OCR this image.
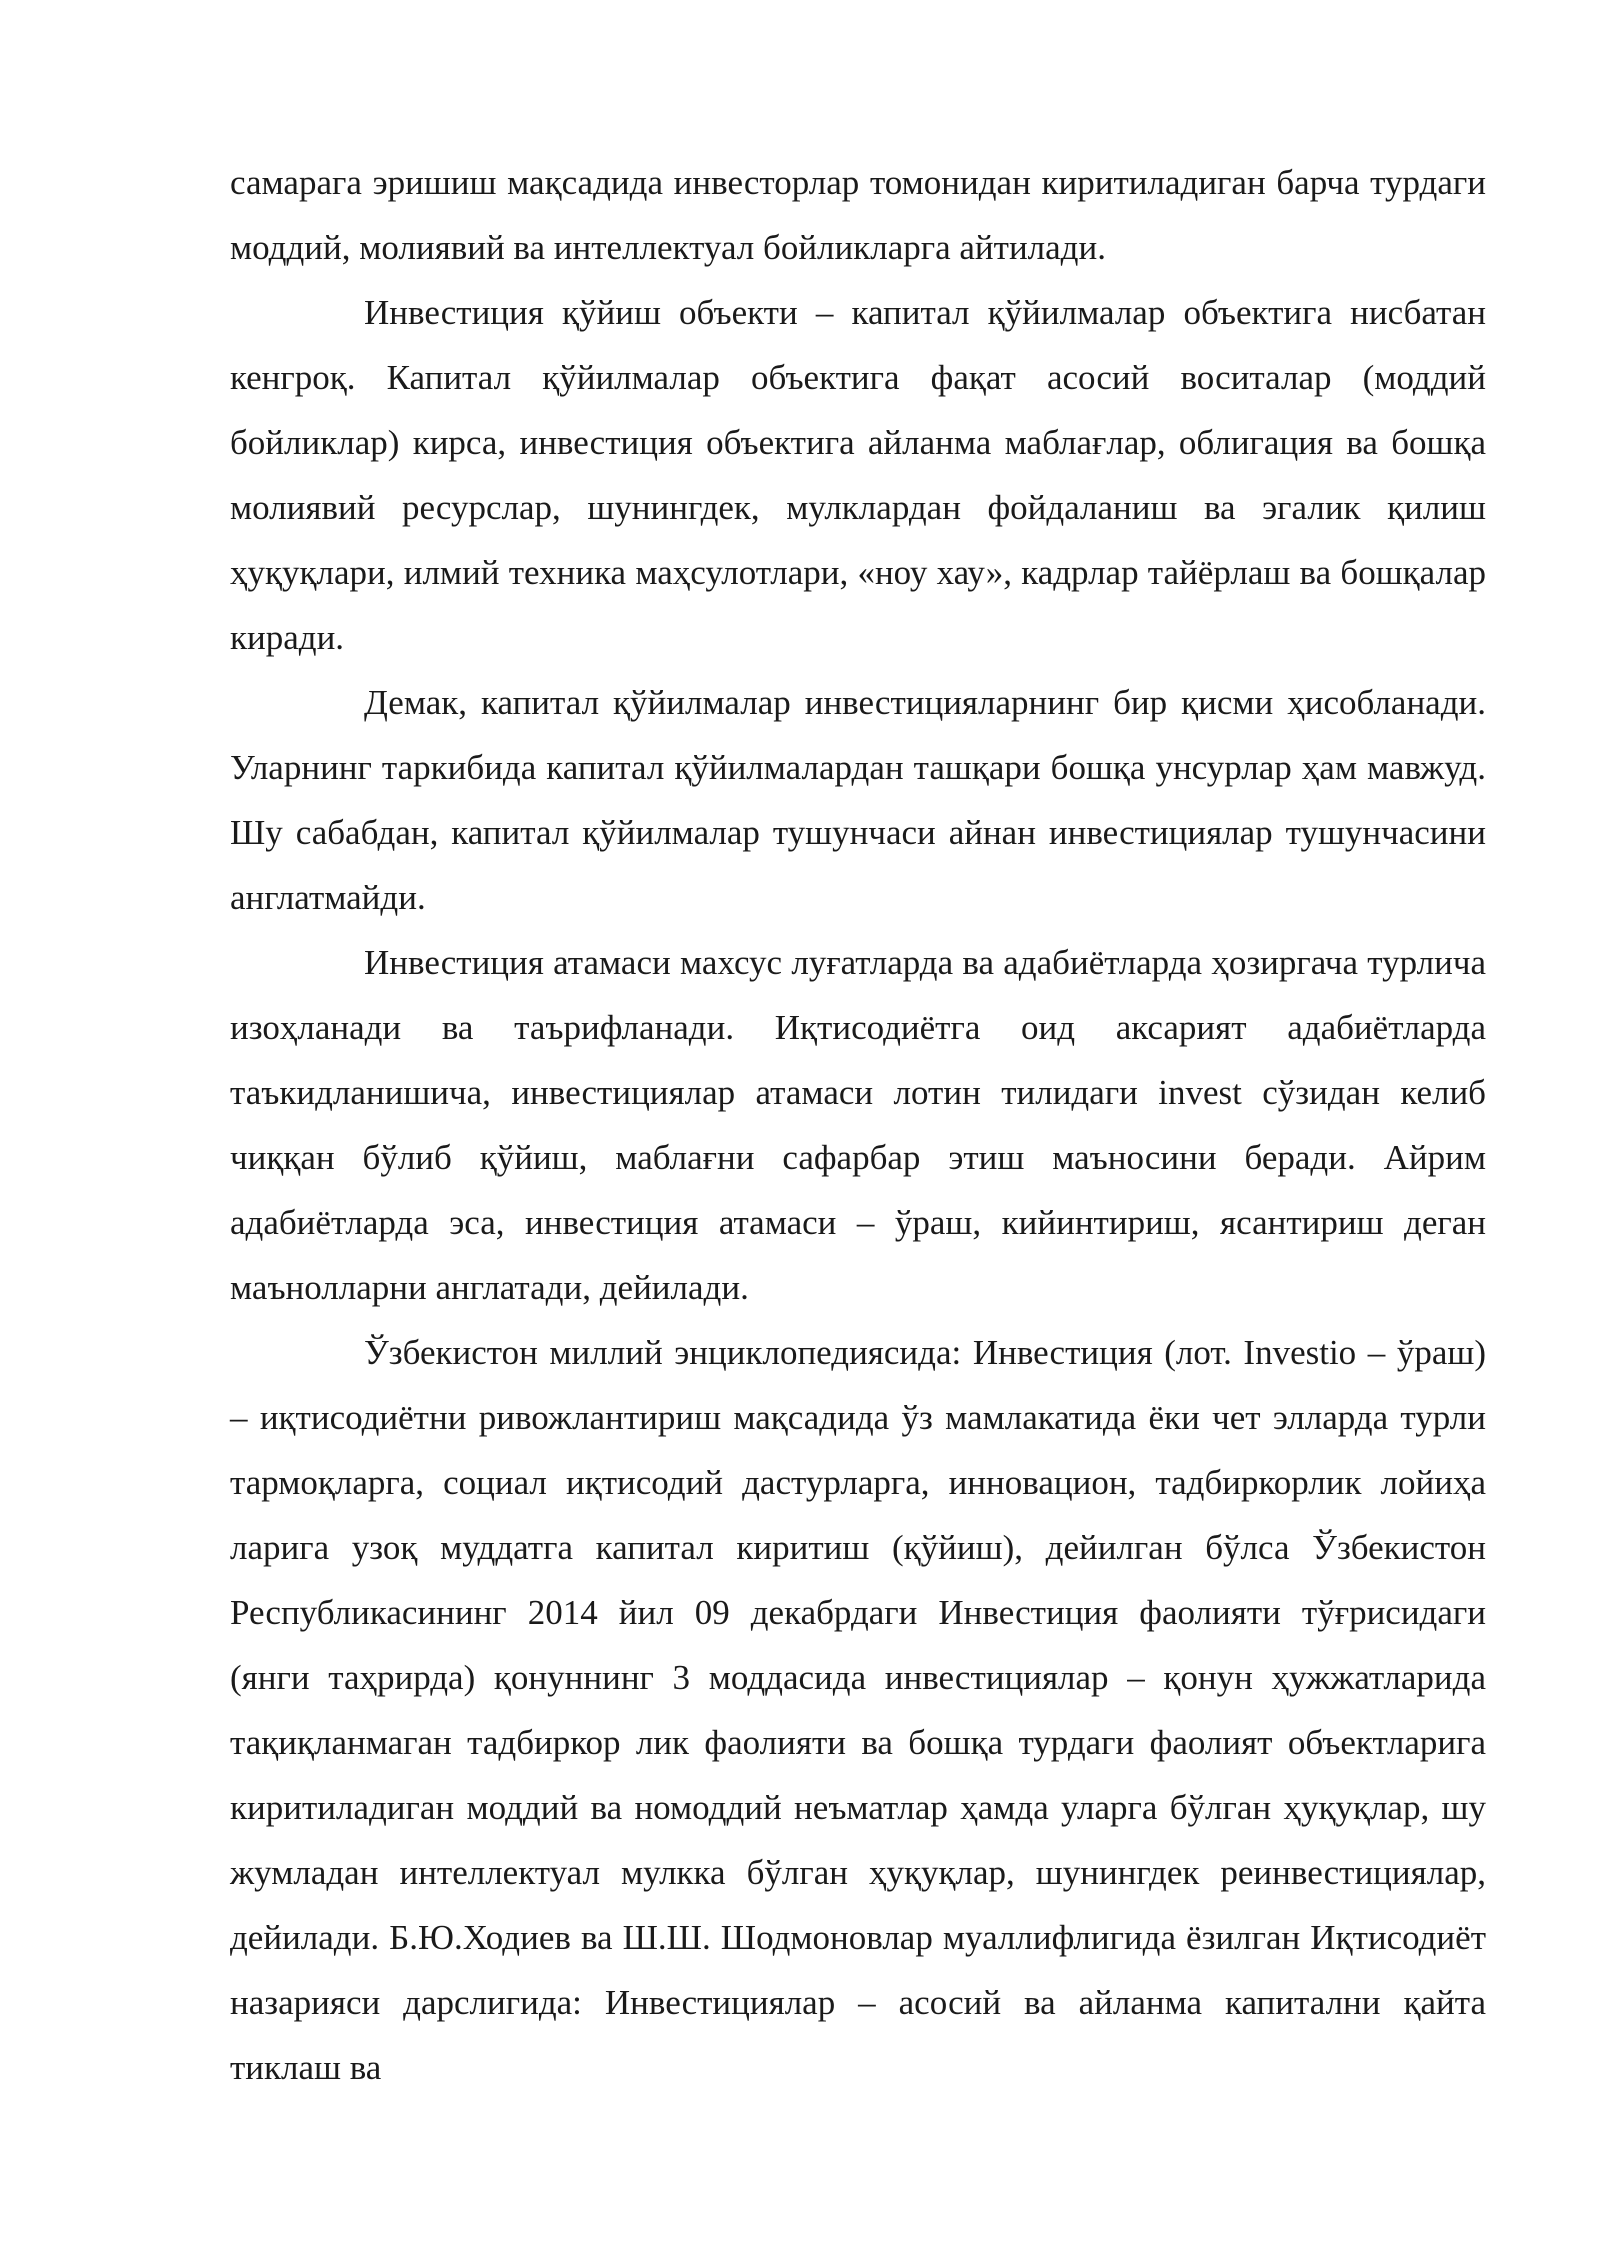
самарага эришиш мақсадида инвесторлар томонидан киритиладиган барча турдаги моддий, молиявий ва интеллектуал бойликларга айтилади.

Инвестиция қўйиш объекти – капитал қўйилмалар объектига нисбатан кенгроқ. Капитал қўйилмалар объектига фақат асосий воситалар (моддий бойликлар) кирса, инвестиция объектига айланма маблағлар, облигация ва бошқа молиявий ресурслар, шунингдек, мулклардан фойдаланиш ва эгалик қилиш ҳуқуқлари, илмий техника маҳсулотлари, «ноу хау», кадрлар тайёрлаш ва бошқалар киради.

Демак, капитал қўйилмалар инвестицияларнинг бир қисми ҳисобланади. Уларнинг таркибида капитал қўйилмалардан ташқари бошқа унсурлар ҳам мавжуд. Шу сабабдан, капитал қўйилмалар тушунчаси айнан инвестициялар тушунчасини англатмайди.

Инвестиция атамаси махсус луғатларда ва адабиётларда ҳозиргача турлича изоҳланади ва таърифланади. Иқтисодиётга оид аксарият адабиётларда таъкидланишича, инвестициялар атамаси лотин тилидаги invest сўзидан келиб чиққан бўлиб қўйиш, маблағни сафарбар этиш маъносини беради. Айрим адабиётларда эса, инвестиция атамаси – ўраш, кийинтириш, ясантириш деган маънолларни англатади, дейилади.

Ўзбекистон миллий энциклопедиясида: Инвестиция (лот. Investio – ўраш) – иқтисодиётни ривожлантириш мақсадида ўз мамлакатида ёки чет элларда турли тармоқларга, социал иқтисодий дастурларга, инновацион, тадбиркорлик лойиҳа ларига узоқ муддатга капитал киритиш (қўйиш), дейилган бўлса Ўзбекистон Республикасининг 2014 йил 09 декабрдаги Инвестиция фаолияти тўғрисидаги (янги таҳрирда) қонуннинг 3 моддасида инвестициялар – қонун ҳужжатларида тақиқланмаган тадбиркор лик фаолияти ва бошқа турдаги фаолият объектларига киритиладиган моддий ва номоддий неъматлар ҳамда уларга бўлган ҳуқуқлар, шу жумладан интеллектуал мулкка бўлган ҳуқуқлар, шунингдек реинвестициялар, дейилади. Б.Ю.Ходиев ва Ш.Ш. Шодмоновлар муаллифлигида ёзилган Иқтисодиёт назарияси дарслигида: Инвестициялар – асосий ва айланма капитални қайта тиклаш ва
